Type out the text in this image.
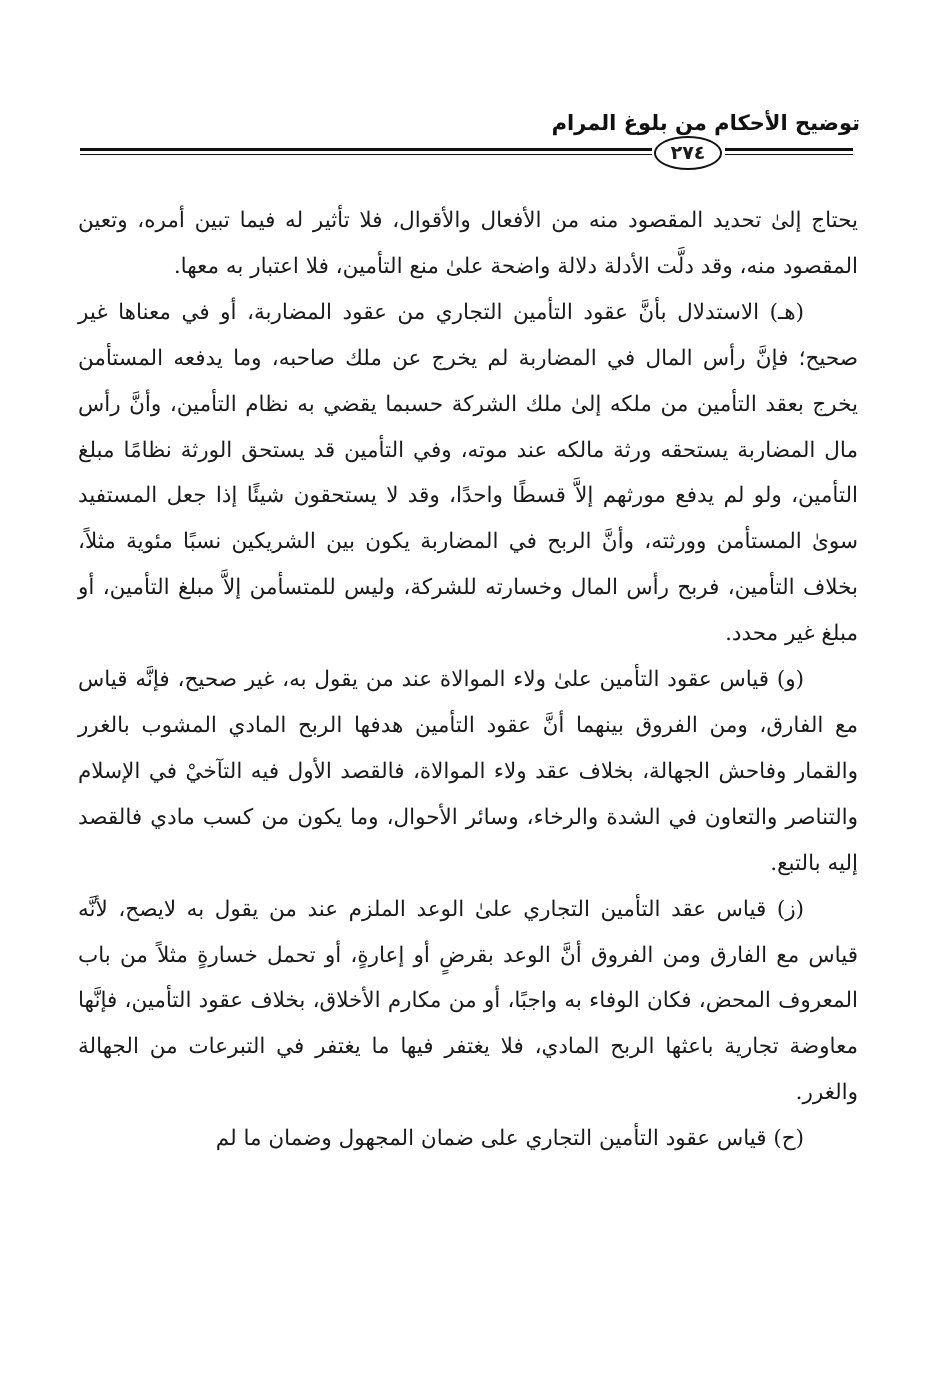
توضيح الأحكام من بلوغ المرام
٢٧٤

يحتاج إلىٰ تحديد المقصود منه من الأفعال والأقوال، فلا تأثير له فيما تبين أمره، وتعين المقصود منه، وقد دلَّت الأدلة دلالة واضحة علىٰ منع التأمين، فلا اعتبار به معها.

(هـ) الاستدلال بأنَّ عقود التأمين التجاري من عقود المضاربة، أو في معناها غير صحيح؛ فإنَّ رأس المال في المضاربة لم يخرج عن ملك صاحبه، وما يدفعه المستأمن يخرج بعقد التأمين من ملكه إلىٰ ملك الشركة حسبما يقضي به نظام التأمين، وأنَّ رأس مال المضاربة يستحقه ورثة مالكه عند موته، وفي التأمين قد يستحق الورثة نظامًا مبلغ التأمين، ولو لم يدفع مورثهم إلاَّ قسطًا واحدًا، وقد لا يستحقون شيئًا إذا جعل المستفيد سوىٰ المستأمن وورثته، وأنَّ الربح في المضاربة يكون بين الشريكين نسبًا مئوية مثلاً، بخلاف التأمين، فربح رأس المال وخسارته للشركة، وليس للمتسأمن إلاَّ مبلغ التأمين، أو مبلغ غير محدد.

(و) قياس عقود التأمين علىٰ ولاء الموالاة عند من يقول به، غير صحيح، فإنَّه قياس مع الفارق، ومن الفروق بينهما أنَّ عقود التأمين هدفها الربح المادي المشوب بالغرر والقمار وفاحش الجهالة، بخلاف عقد ولاء الموالاة، فالقصد الأول فيه التآخيْ في الإسلام والتناصر والتعاون في الشدة والرخاء، وسائر الأحوال، وما يكون من كسب مادي فالقصد إليه بالتبع.

(ز) قياس عقد التأمين التجاري علىٰ الوعد الملزم عند من يقول به لايصح، لأنَّه قياس مع الفارق ومن الفروق أنَّ الوعد بقرضٍ أو إعارةٍ، أو تحمل خسارةٍ مثلاً من باب المعروف المحض، فكان الوفاء به واجبًا، أو من مكارم الأخلاق، بخلاف عقود التأمين، فإنَّها معاوضة تجارية باعثها الربح المادي، فلا يغتفر فيها ما يغتفر في التبرعات من الجهالة والغرر.

(ح) قياس عقود التأمين التجاري على ضمان المجهول وضمان ما لم
